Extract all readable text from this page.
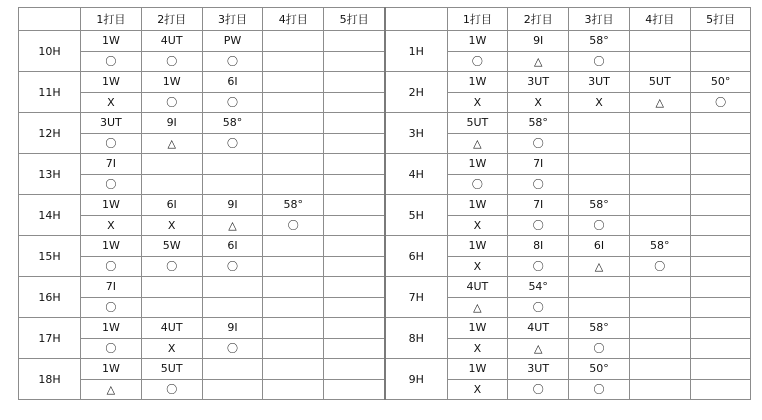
	1打目	2打目	3打目	4打目	5打目
10H	1W	4UT	PW		
	〇	〇	〇		
11H	1W	1W	6I		
	X	〇	〇		
12H	3UT	9I	58°		
	〇	△	〇		
13H	7I				
	〇				
14H	1W	6I	9I	58°	
	X	X	△	〇	
15H	1W	5W	6I		
	〇	〇	〇		
16H	7I				
	〇				
17H	1W	4UT	9I		
	〇	X	〇		
18H	1W	5UT			
	△	〇			
	1打目	2打目	3打目	4打目	5打目
1H	1W	9I	58°		
	〇	△	〇		
2H	1W	3UT	3UT	5UT	50°
	X	X	X	△	〇
3H	5UT	58°			
	△	〇			
4H	1W	7I			
	〇	〇			
5H	1W	7I	58°		
	X	〇	〇		
6H	1W	8I	6I	58°	
	X	〇	△	〇	
7H	4UT	54°			
	△	〇			
8H	1W	4UT	58°		
	X	△	〇		
9H	1W	3UT	50°		
	X	〇	〇		
